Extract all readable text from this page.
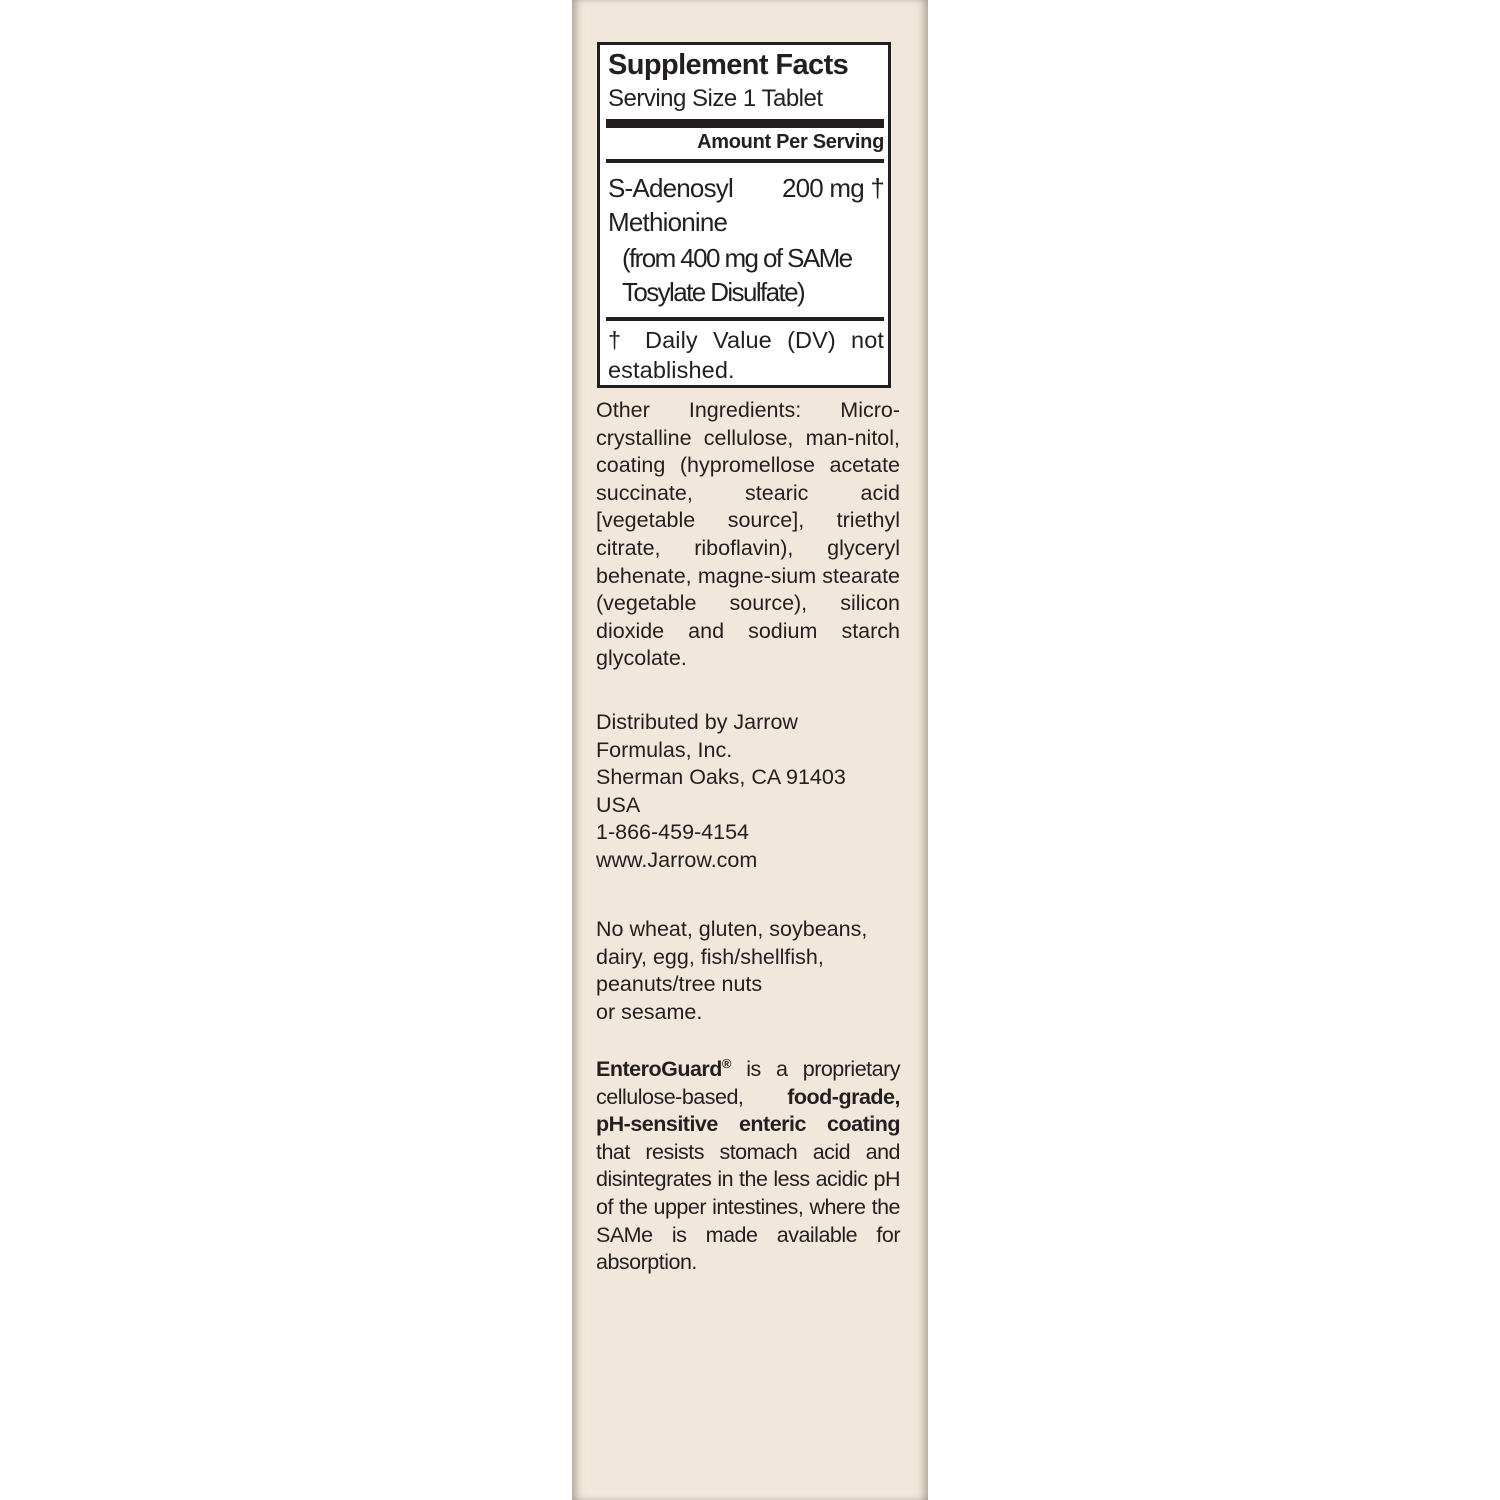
Supplement Facts
Serving Size 1 Tablet
Amount Per Serving
S-Adenosyl
Methionine
200 mg †
(from 400 mg of SAMe
Tosylate Disulfate)
† Daily Value (DV) not established.
Other Ingredients: Micro-crystalline cellulose, man-nitol, coating (hypromellose acetate succinate, stearic acid [vegetable source], triethyl citrate, riboflavin), glyceryl behenate, magne-sium stearate (vegetable source), silicon dioxide and sodium starch glycolate.
Distributed by Jarrow
Formulas, Inc.
Sherman Oaks, CA 91403
USA
1-866-459-4154
www.Jarrow.com
No wheat, gluten, soybeans,
dairy, egg, fish/shellfish,
peanuts/tree nuts
or sesame.
EnteroGuard® is a proprietary cellulose-based, food-grade, pH-sensitive enteric coating that resists stomach acid and disintegrates in the less acidic pH of the upper intestines, where the SAMe is made available for absorption.
